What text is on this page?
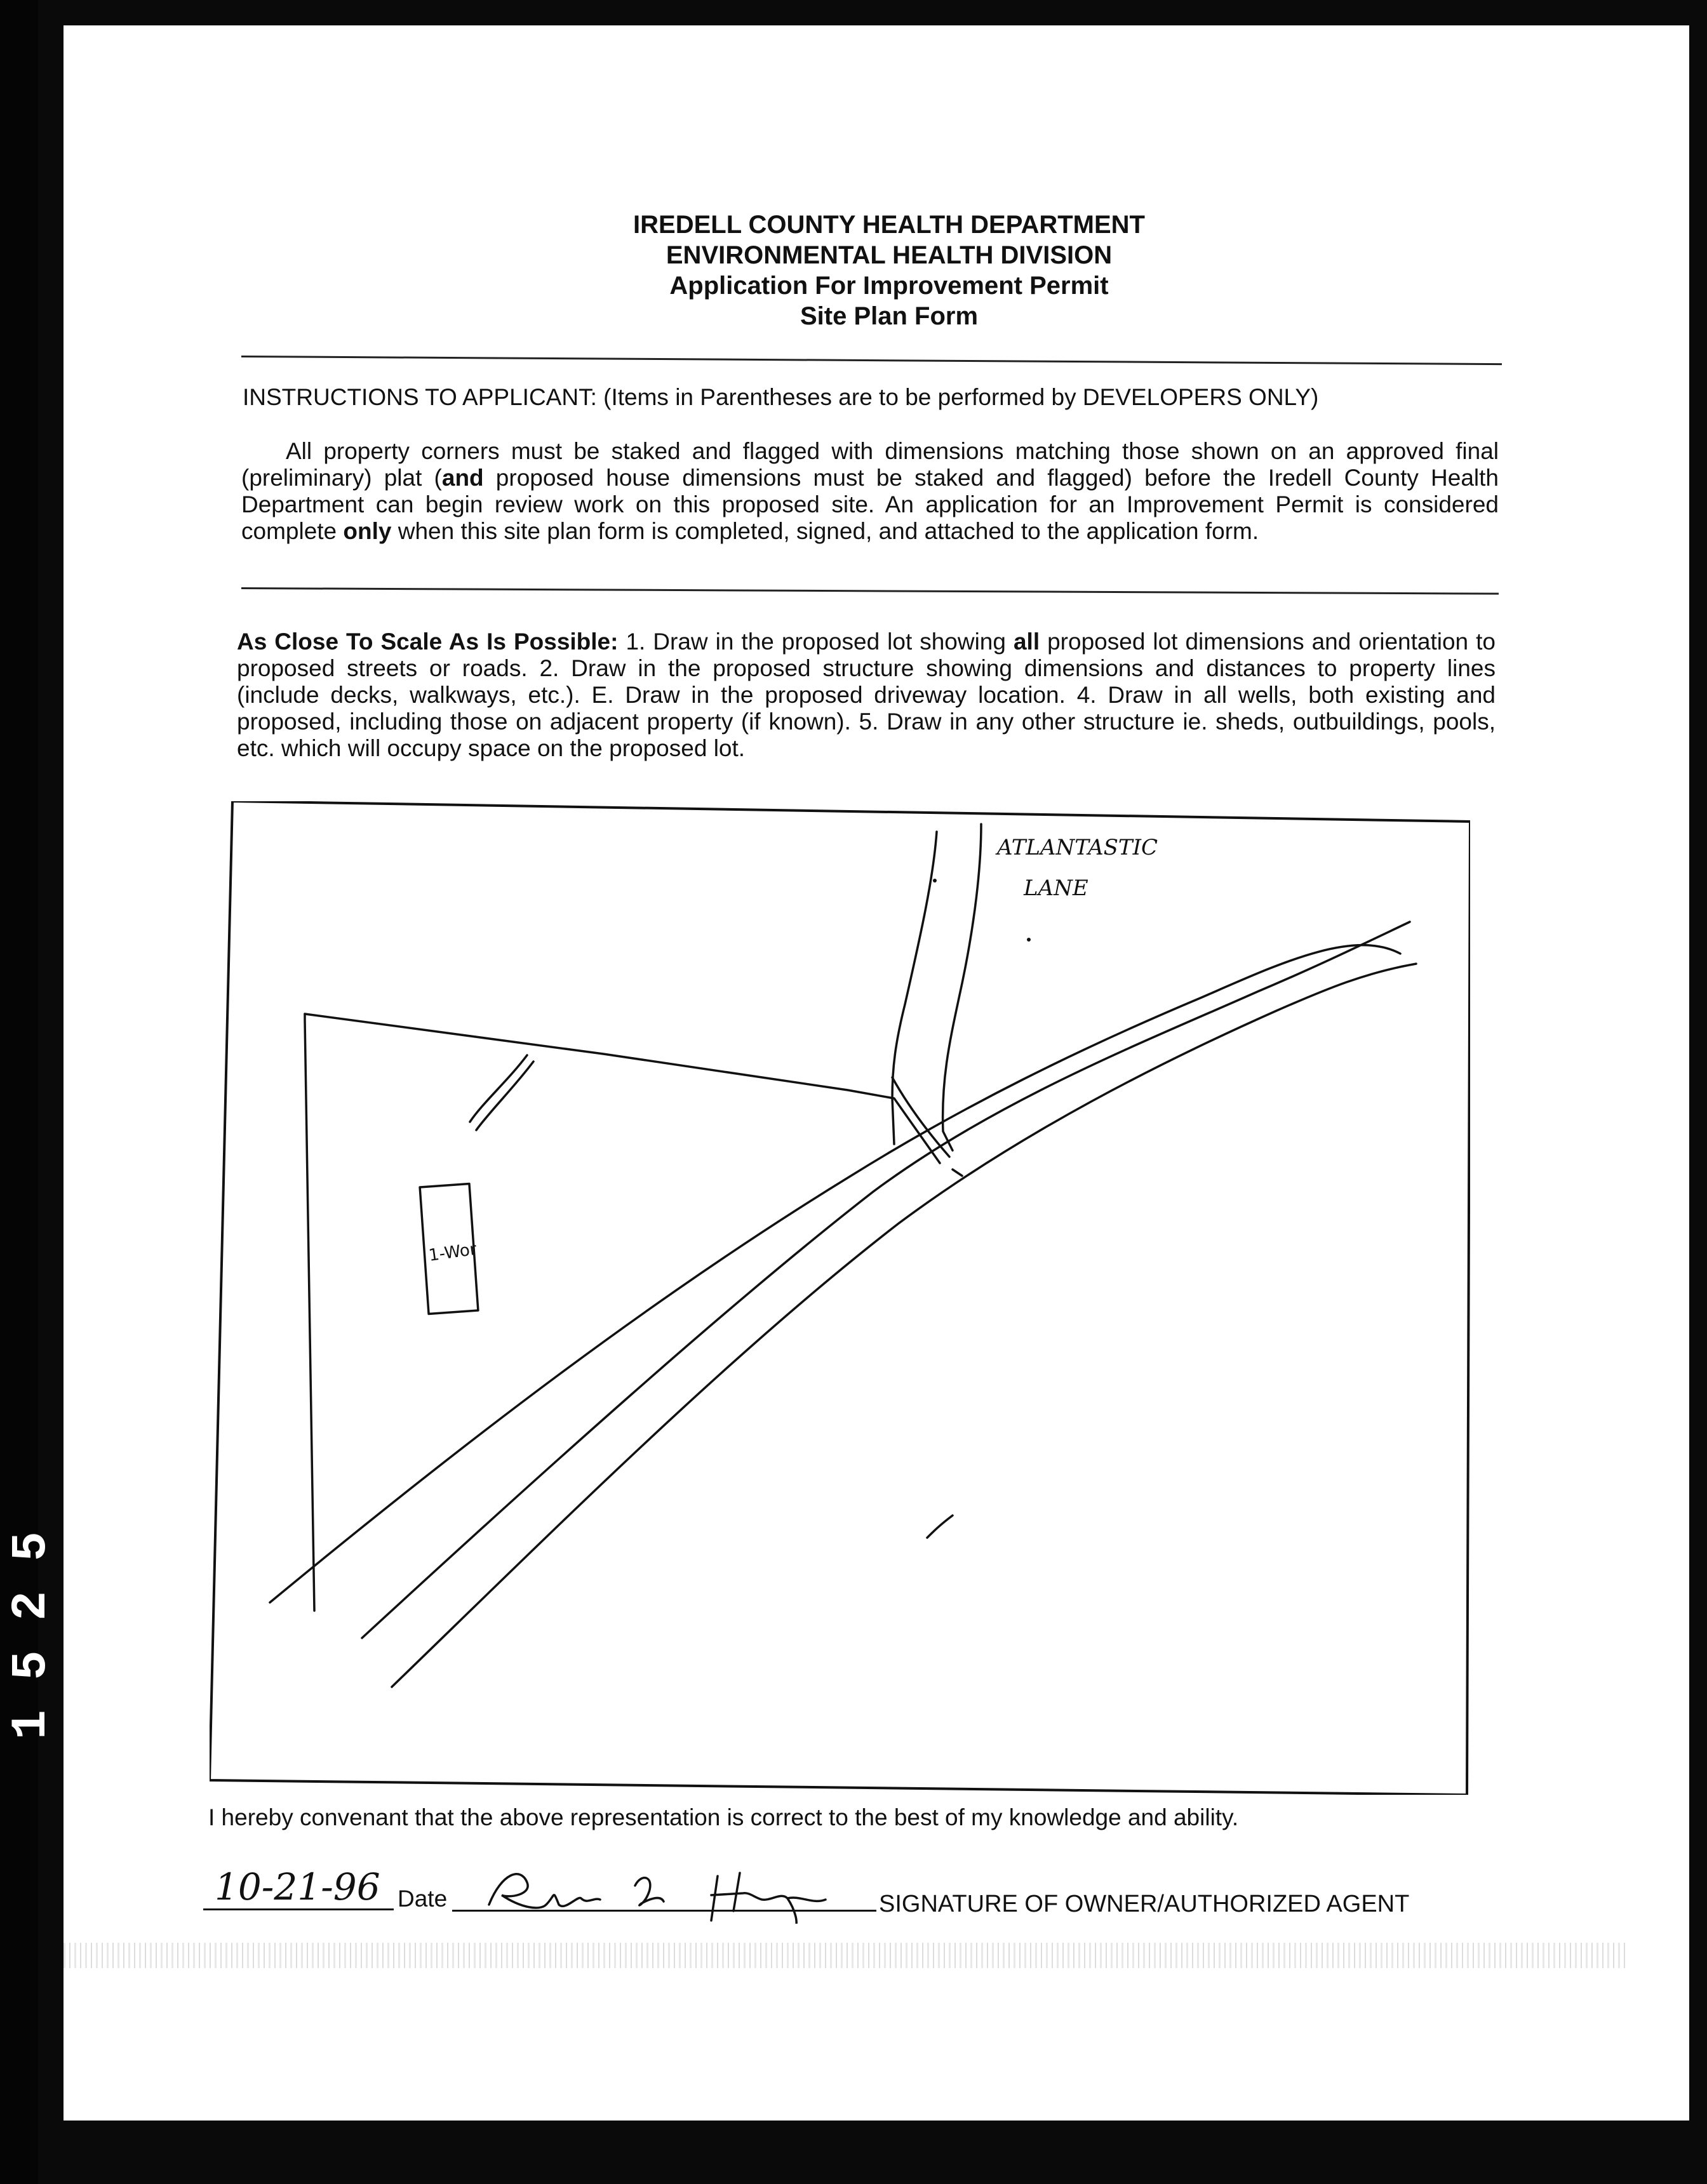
1 5 2 5
IREDELL COUNTY HEALTH DEPARTMENT
ENVIRONMENTAL HEALTH DIVISION
Application For Improvement Permit
Site Plan Form
INSTRUCTIONS TO APPLICANT: (Items in Parentheses are to be performed by DEVELOPERS ONLY)
All property corners must be staked and flagged with dimensions matching those shown on an approved final (preliminary) plat (and proposed house dimensions must be staked and flagged) before the Iredell County Health Department can begin review work on this proposed site. An application for an Improvement Permit is considered complete only when this site plan form is completed, signed, and attached to the application form.
As Close To Scale As Is Possible: 1. Draw in the proposed lot showing all proposed lot dimensions and orientation to proposed streets or roads. 2. Draw in the proposed structure showing dimensions and distances to property lines (include decks, walkways, etc.). E. Draw in the proposed driveway location. 4. Draw in all wells, both existing and proposed, including those on adjacent property (if known). 5. Draw in any other structure ie. sheds, outbuildings, pools, etc. which will occupy space on the proposed lot.
ATLANTASTIC
LANE
1-Wor
I hereby convenant that the above representation is correct to the best of my knowledge and ability.
10-21-96 Date	SIGNATURE OF OWNER/AUTHORIZED AGENT
